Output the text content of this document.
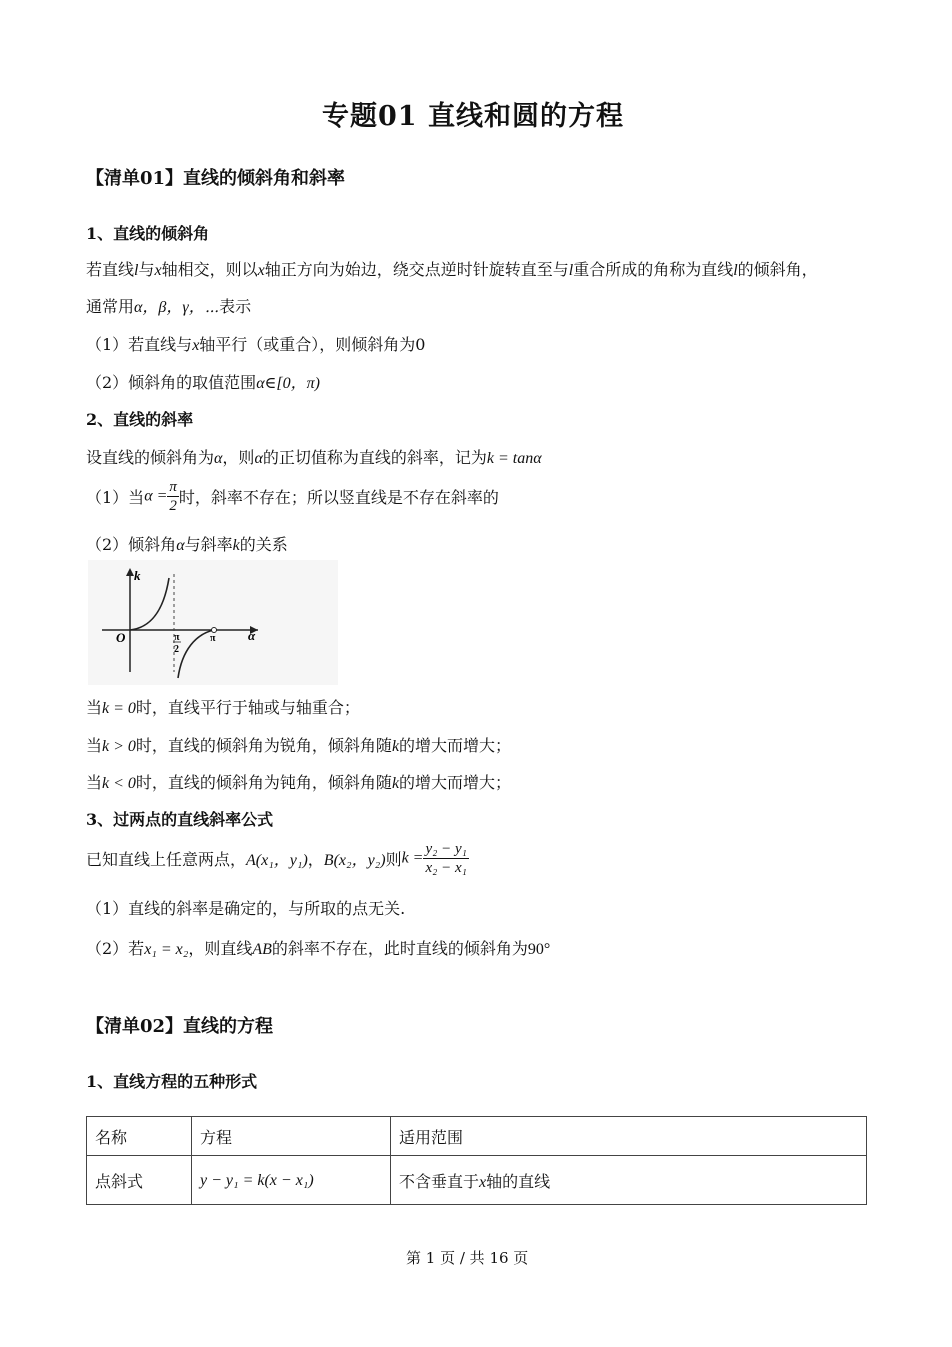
专题01 直线和圆的方程
【清单01】直线的倾斜角和斜率
1、直线的倾斜角
若直线l与x轴相交，则以x轴正方向为始边，绕交点逆时针旋转直至与l重合所成的角称为直线l的倾斜角，
通常用α，β，γ，⋯表示
（1）若直线与x轴平行（或重合），则倾斜角为0
（2）倾斜角的取值范围α∈[0，π)
2、直线的斜率
设直线的倾斜角为α，则α的正切值称为直线的斜率，记为k = tanα
（1）当$\alpha = \frac{\pi}{2}$ 时，斜率不存在；所以竖直线是不存在斜率的
（2）倾斜角α与斜率k的关系
k
α
O	π
2
π
当k = 0时，直线平行于轴或与轴重合；
当k > 0时，直线的倾斜角为锐角，倾斜角随k的增大而增大；
当k < 0时，直线的倾斜角为钝角，倾斜角随k的增大而增大；
3、过两点的直线斜率公式
已知直线上任意两点，A(x₁，y₁)，B(x₂，y₂)则$k = \frac{\text{y₂ − y₁}}{\text{x₂ − x₁}}$
（1）直线的斜率是确定的，与所取的点无关.
（2）若x₁ = x₂，则直线AB的斜率不存在，此时直线的倾斜角为90°
【清单02】直线的方程
1、直线方程的五种形式
名称	方程	适用范围
点斜式	y − y₁ = k(x − x₁)	不含垂直于x轴的直线
第 1 页 / 共 16 页
